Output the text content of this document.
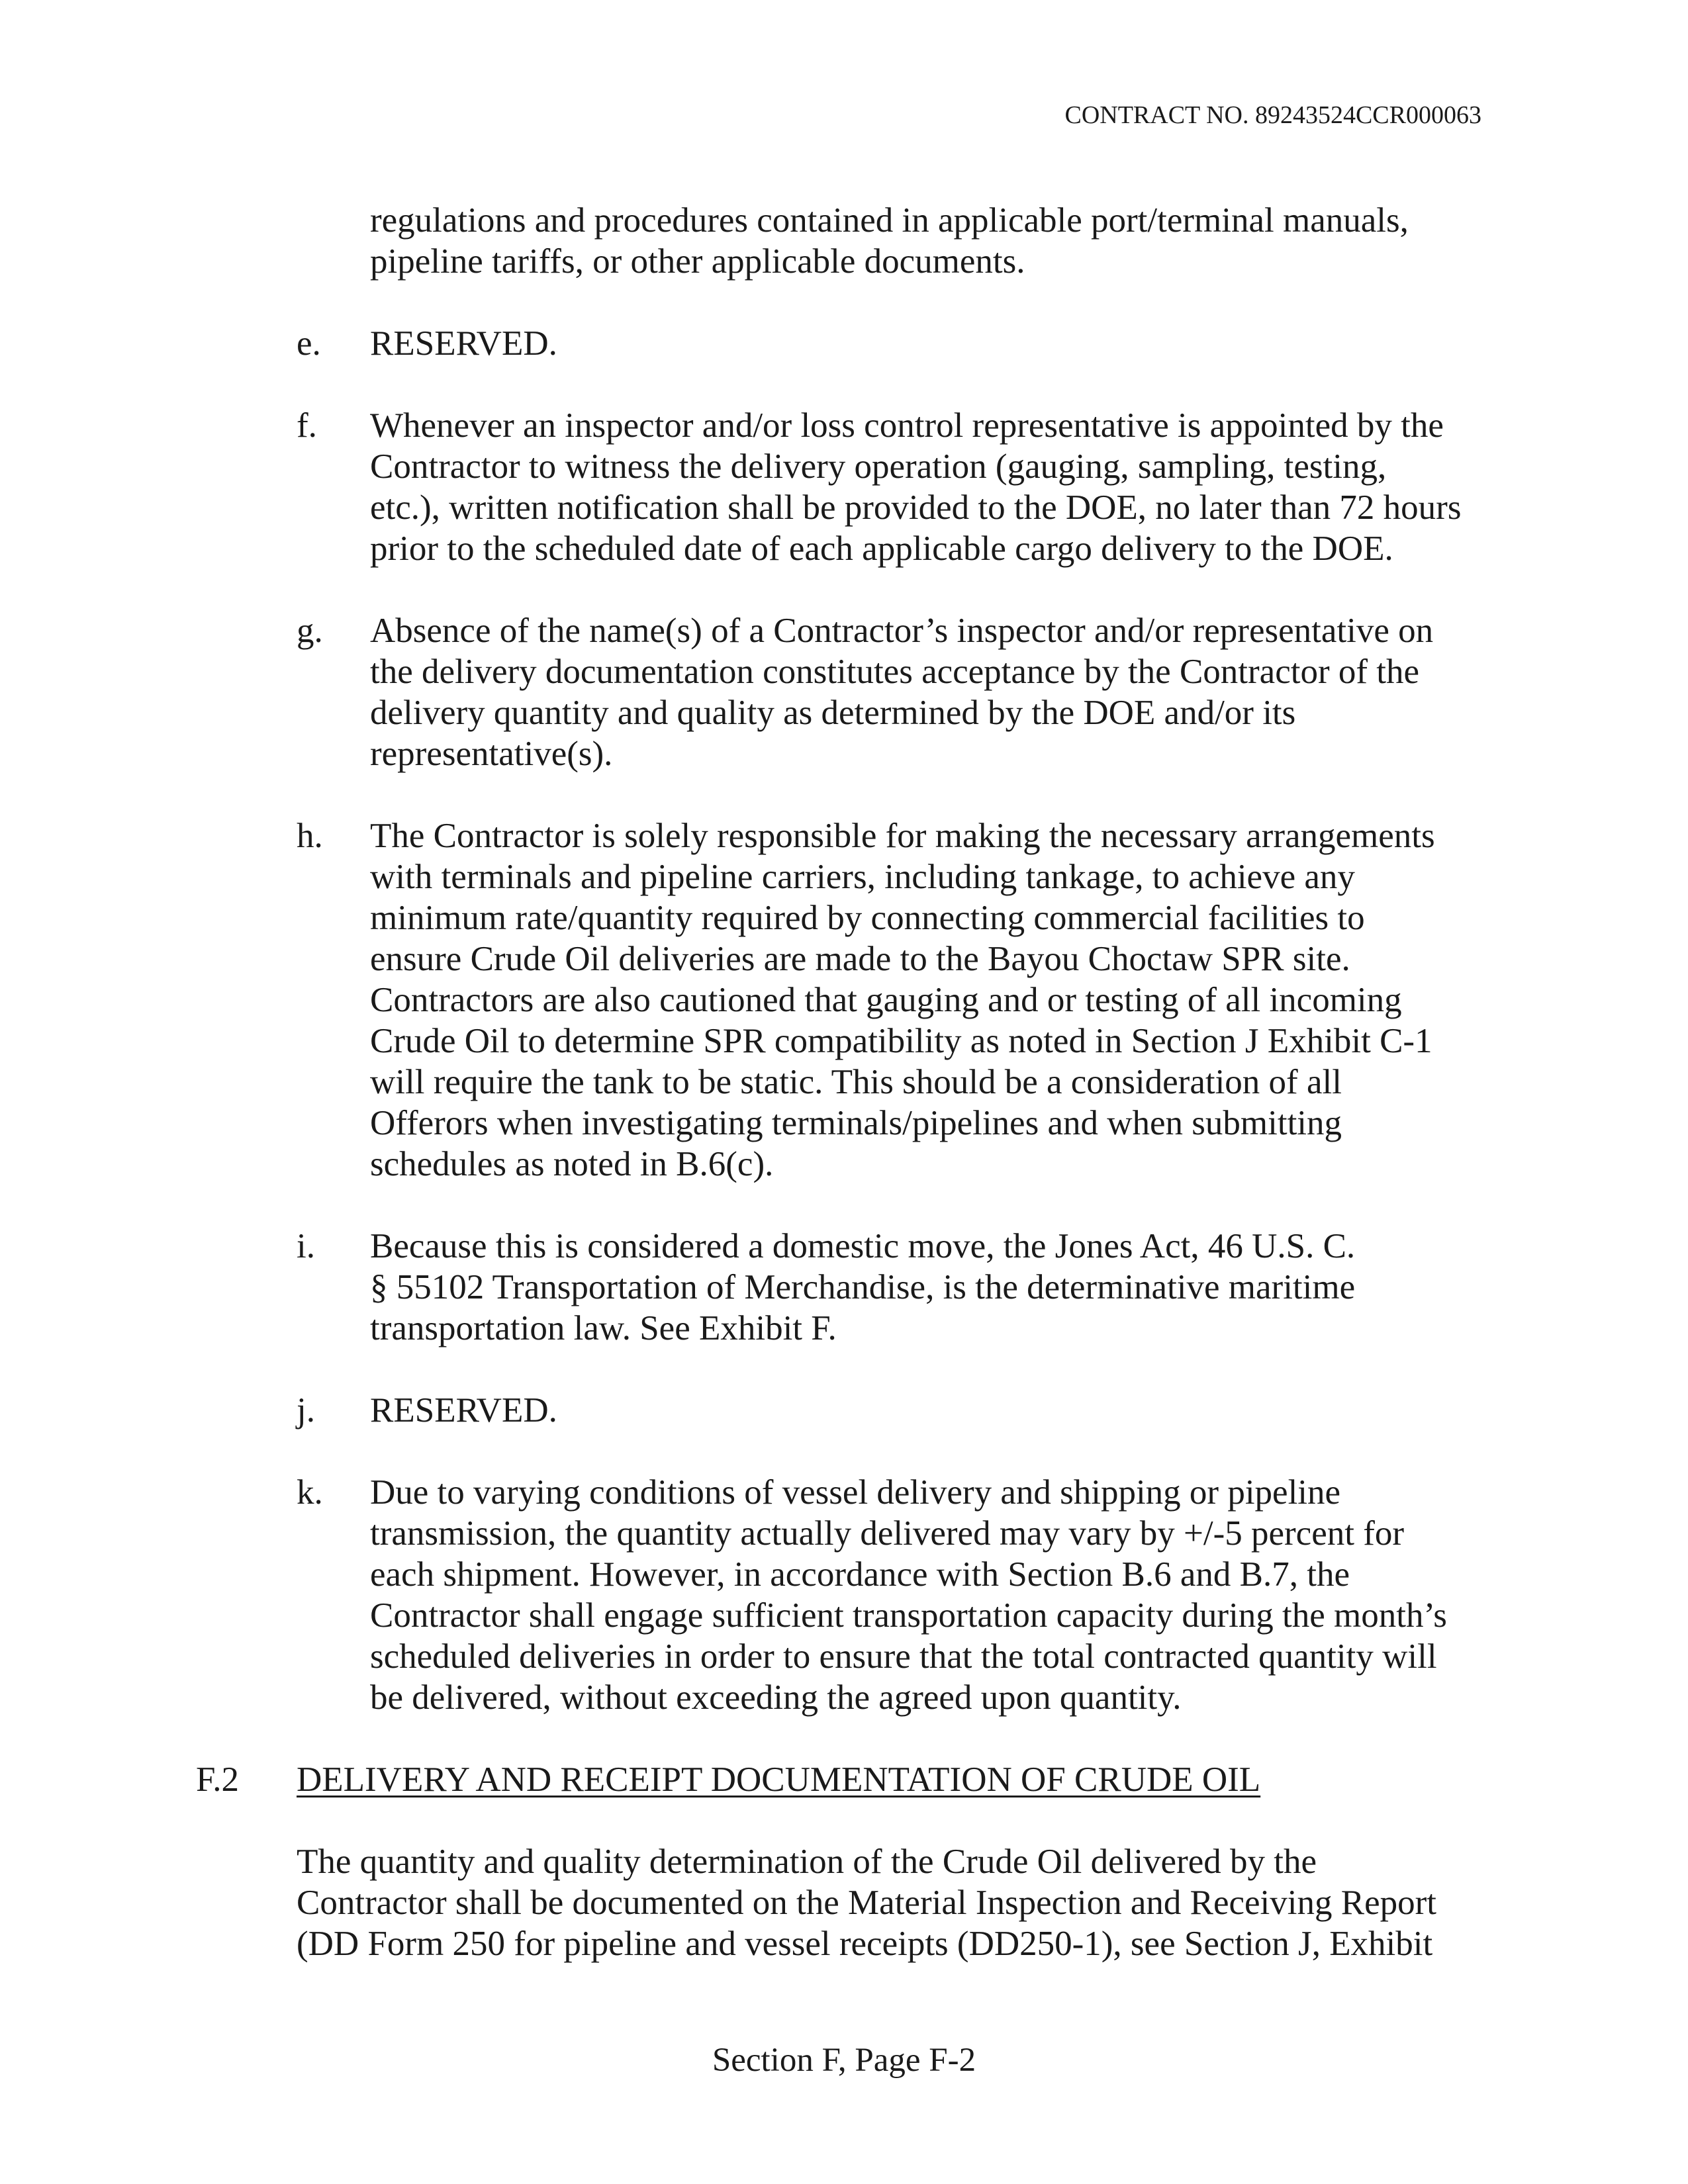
CONTRACT NO. 89243524CCR000063
regulations and procedures contained in applicable port/terminal manuals,
pipeline tariffs, or other applicable documents.
e. RESERVED.
f. Whenever an inspector and/or loss control representative is appointed by the
Contractor to witness the delivery operation (gauging, sampling, testing,
etc.), written notification shall be provided to the DOE, no later than 72 hours
prior to the scheduled date of each applicable cargo delivery to the DOE.
g. Absence of the name(s) of a Contractor’s inspector and/or representative on
the delivery documentation constitutes acceptance by the Contractor of the
delivery quantity and quality as determined by the DOE and/or its
representative(s).
h. The Contractor is solely responsible for making the necessary arrangements
with terminals and pipeline carriers, including tankage, to achieve any
minimum rate/quantity required by connecting commercial facilities to
ensure Crude Oil deliveries are made to the Bayou Choctaw SPR site.
Contractors are also cautioned that gauging and or testing of all incoming
Crude Oil to determine SPR compatibility as noted in Section J Exhibit C-1
will require the tank to be static. This should be a consideration of all
Offerors when investigating terminals/pipelines and when submitting
schedules as noted in B.6(c).
i. Because this is considered a domestic move, the Jones Act, 46 U.S. C.
§ 55102 Transportation of Merchandise, is the determinative maritime
transportation law. See Exhibit F.
j. RESERVED.
k. Due to varying conditions of vessel delivery and shipping or pipeline
transmission, the quantity actually delivered may vary by +/-5 percent for
each shipment. However, in accordance with Section B.6 and B.7, the
Contractor shall engage sufficient transportation capacity during the month’s
scheduled deliveries in order to ensure that the total contracted quantity will
be delivered, without exceeding the agreed upon quantity.
F.2 DELIVERY AND RECEIPT DOCUMENTATION OF CRUDE OIL
The quantity and quality determination of the Crude Oil delivered by the
Contractor shall be documented on the Material Inspection and Receiving Report
(DD Form 250 for pipeline and vessel receipts (DD250-1), see Section J, Exhibit
Section F, Page F-2
